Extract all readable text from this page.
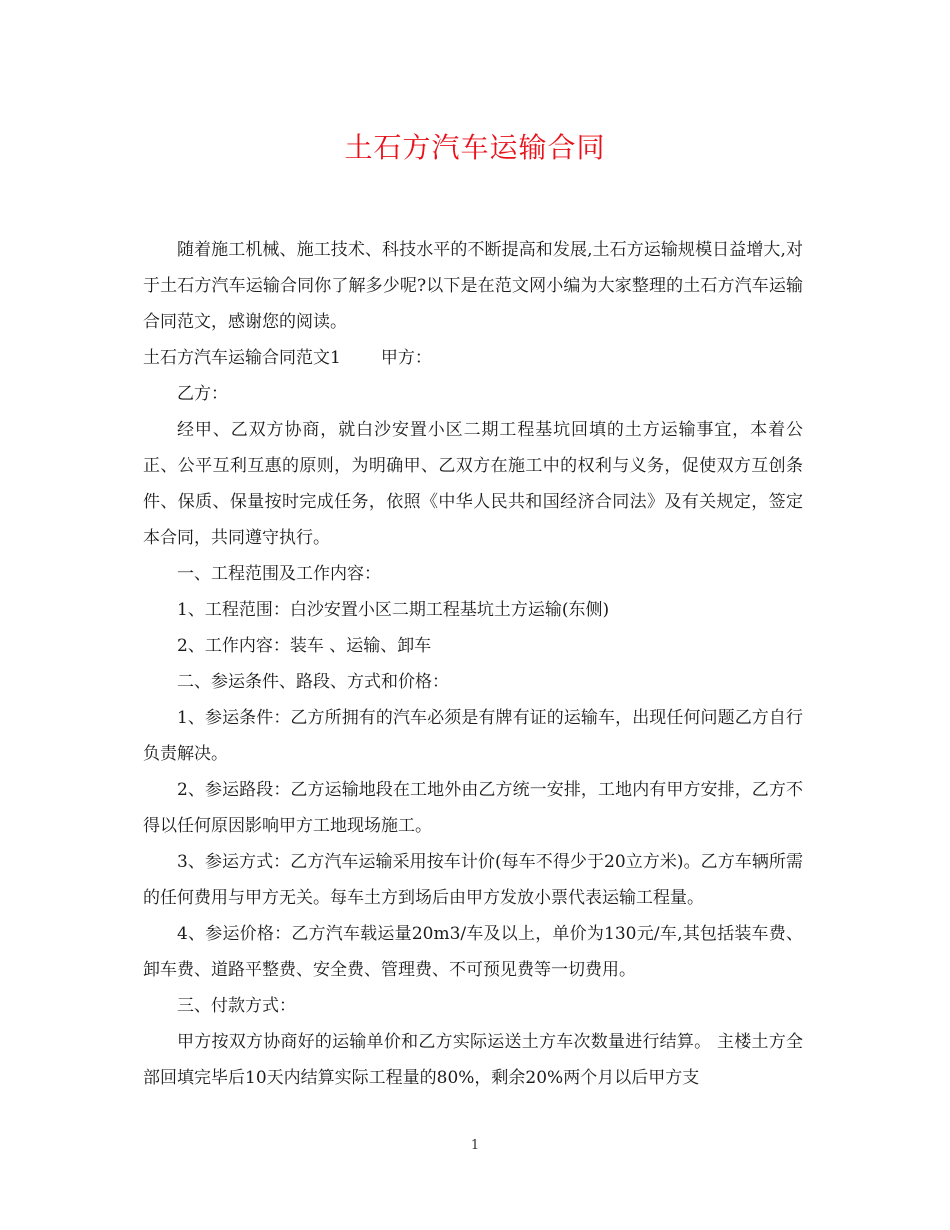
土石方汽车运输合同

随着施工机械、施工技术、科技水平的不断提高和发展,土石方运输规模日益增大,对于土石方汽车运输合同你了解多少呢?以下是在范文网小编为大家整理的土石方汽车运输合同范文，感谢您的阅读。

土石方汽车运输合同范文1 甲方：

乙方：

经甲、乙双方协商，就白沙安置小区二期工程基坑回填的土方运输事宜，本着公正、公平互利互惠的原则，为明确甲、乙双方在施工中的权利与义务，促使双方互创条件、保质、保量按时完成任务，依照《中华人民共和国经济合同法》及有关规定，签定本合同，共同遵守执行。

一、工程范围及工作内容：

1、工程范围：白沙安置小区二期工程基坑土方运输(东侧)

2、工作内容：装车 、运输、卸车

二、参运条件、路段、方式和价格：

1、参运条件：乙方所拥有的汽车必须是有牌有证的运输车，出现任何问题乙方自行负责解决。

2、参运路段：乙方运输地段在工地外由乙方统一安排，工地内有甲方安排，乙方不得以任何原因影响甲方工地现场施工。

3、参运方式：乙方汽车运输采用按车计价(每车不得少于20立方米)。乙方车辆所需的任何费用与甲方无关。每车土方到场后由甲方发放小票代表运输工程量。

4、参运价格：乙方汽车载运量20m3/车及以上，单价为130元/车,其包括装车费、卸车费、道路平整费、安全费、管理费、不可预见费等一切费用。

三、付款方式：

甲方按双方协商好的运输单价和乙方实际运送土方车次数量进行结算。 主楼土方全部回填完毕后10天内结算实际工程量的80%，剩余20%两个月以后甲方支

1
